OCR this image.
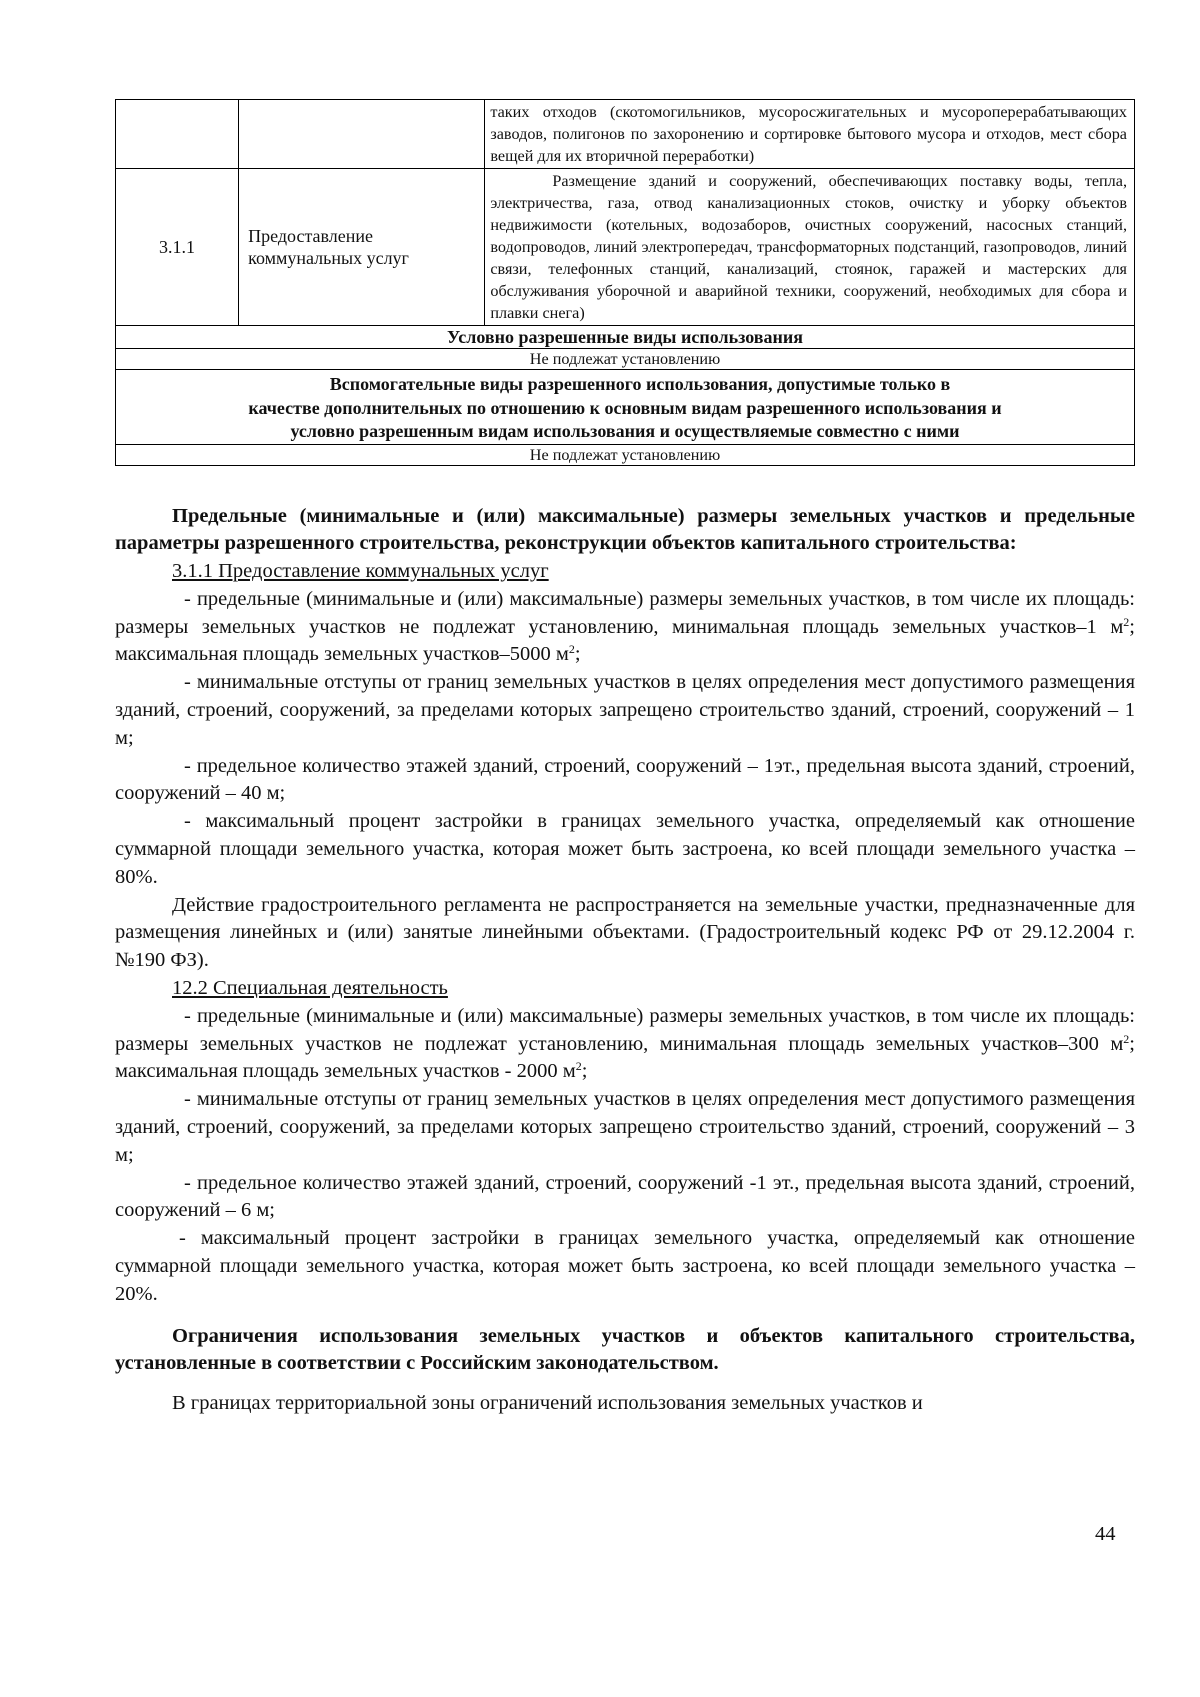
		таких отходов (скотомогильников, мусоросжигательных и мусороперерабатывающих заводов, полигонов по захоронению и сортировке бытового мусора и отходов, мест сбора вещей для их вторичной переработки)
3.1.1	Предоставление коммунальных услуг	Размещение зданий и сооружений, обеспечивающих поставку воды, тепла, электричества, газа, отвод канализационных стоков, очистку и уборку объектов недвижимости (котельных, водозаборов, очистных сооружений, насосных станций, водопроводов, линий электропередач, трансформаторных подстанций, газопроводов, линий связи, телефонных станций, канализаций, стоянок, гаражей и мастерских для обслуживания уборочной и аварийной техники, сооружений, необходимых для сбора и плавки снега)
Условно разрешенные виды использования		
Не подлежат установлению		
Вспомогательные виды разрешенного использования, допустимые только в
качестве дополнительных по отношению к основным видам разрешенного использования и
условно разрешенным видам использования и осуществляемые совместно с ними		
Не подлежат установлению		

Предельные (минимальные и (или) максимальные) размеры земельных участков и предельные параметры разрешенного строительства, реконструкции объектов капитального строительства:

3.1.1 Предоставление коммунальных услуг

- предельные (минимальные и (или) максимальные) размеры земельных участков, в том числе их площадь: размеры земельных участков не подлежат установлению, минимальная площадь земельных участков–1 $м^2$; максимальная площадь земельных участков–5000 $м^2$;

- минимальные отступы от границ земельных участков в целях определения мест допустимого размещения зданий, строений, сооружений, за пределами которых запрещено строительство зданий, строений, сооружений – 1 м;

- предельное количество этажей зданий, строений, сооружений – 1эт., предельная высота зданий, строений, сооружений – 40 м;

- максимальный процент застройки в границах земельного участка, определяемый как отношение суммарной площади земельного участка, которая может быть застроена, ко всей площади земельного участка – 80%.

Действие градостроительного регламента не распространяется на земельные участки, предназначенные для размещения линейных и (или) занятые линейными объектами. (Градостроительный кодекс РФ от 29.12.2004 г. №190 ФЗ).

12.2 Специальная деятельность

- предельные (минимальные и (или) максимальные) размеры земельных участков, в том числе их площадь: размеры земельных участков не подлежат установлению, минимальная площадь земельных участков–300 $м^2$; максимальная площадь земельных участков - 2000 $м^2$;

- минимальные отступы от границ земельных участков в целях определения мест допустимого размещения зданий, строений, сооружений, за пределами которых запрещено строительство зданий, строений, сооружений – 3 м;

- предельное количество этажей зданий, строений, сооружений -1 эт., предельная высота зданий, строений, сооружений – 6 м;

- максимальный процент застройки в границах земельного участка, определяемый как отношение суммарной площади земельного участка, которая может быть застроена, ко всей площади земельного участка – 20%.

Ограничения использования земельных участков и объектов капитального строительства, установленные в соответствии с Российским законодательством.

В границах территориальной зоны ограничений использования земельных участков и

44
